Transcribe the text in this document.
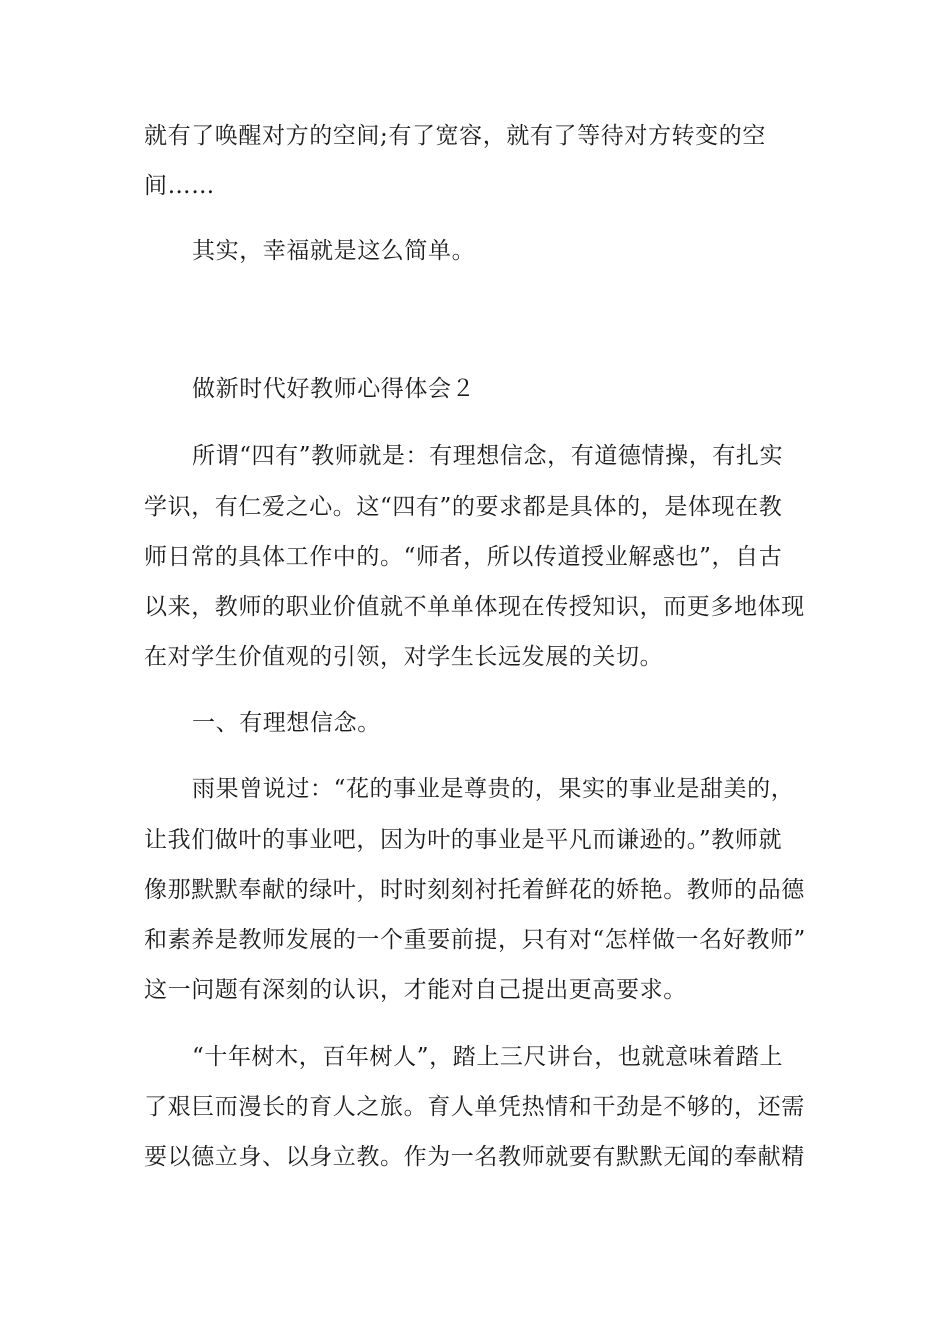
就有了唤醒对方的空间;有了宽容，就有了等待对方转变的空
间……
其实，幸福就是这么简单。
做新时代好教师心得体会２
所谓“四有”教师就是：有理想信念，有道德情操，有扎实
学识，有仁爱之心。这“四有”的要求都是具体的，是体现在教
师日常的具体工作中的。“师者，所以传道授业解惑也”，自古
以来，教师的职业价值就不单单体现在传授知识，而更多地体现
在对学生价值观的引领，对学生长远发展的关切。
一、有理想信念。
雨果曾说过：“花的事业是尊贵的，果实的事业是甜美的，
让我们做叶的事业吧，因为叶的事业是平凡而谦逊的。”教师就
像那默默奉献的绿叶，时时刻刻衬托着鲜花的娇艳。教师的品德
和素养是教师发展的一个重要前提，只有对“怎样做一名好教师”
这一问题有深刻的认识，才能对自己提出更高要求。
“十年树木，百年树人”，踏上三尺讲台，也就意味着踏上
了艰巨而漫长的育人之旅。育人单凭热情和干劲是不够的，还需
要以德立身、以身立教。作为一名教师就要有默默无闻的奉献精
